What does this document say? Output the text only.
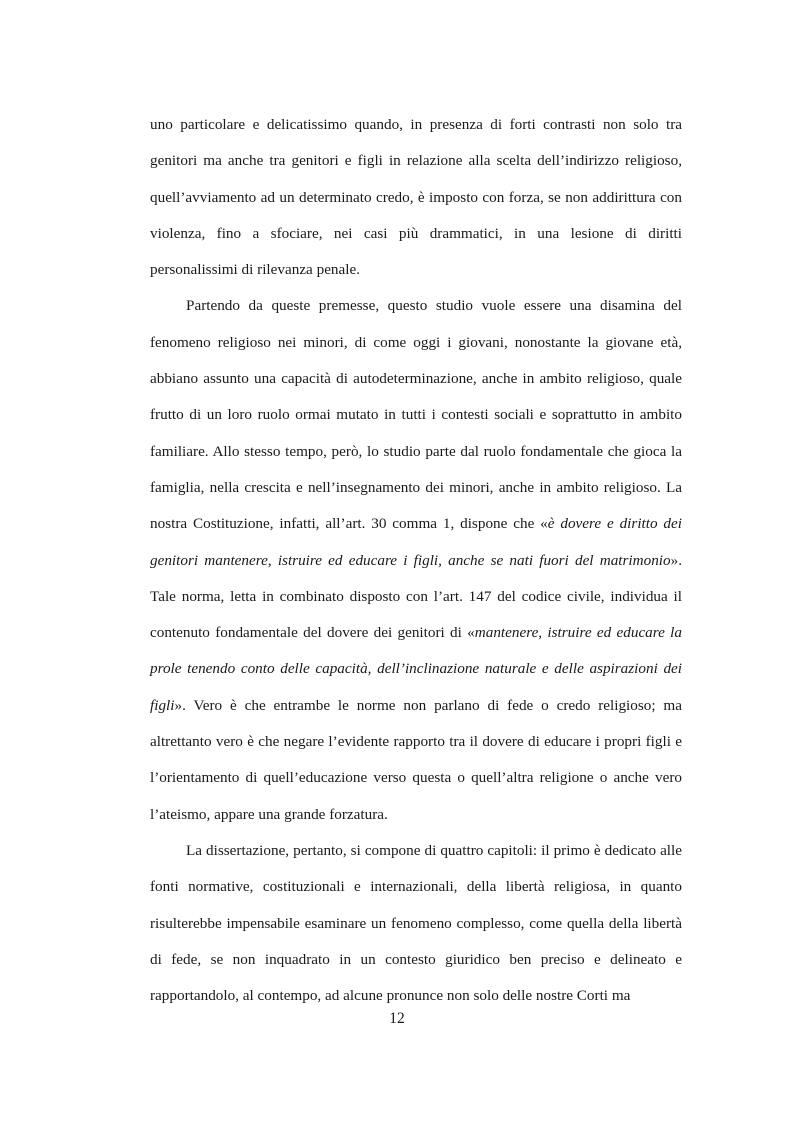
uno particolare e delicatissimo quando, in presenza di forti contrasti non solo tra genitori ma anche tra genitori e figli in relazione alla scelta dell’indirizzo religioso, quell’avviamento ad un determinato credo, è imposto con forza, se non addirittura con violenza, fino a sfociare, nei casi più drammatici, in una lesione di diritti personalissimi di rilevanza penale.

Partendo da queste premesse, questo studio vuole essere una disamina del fenomeno religioso nei minori, di come oggi i giovani, nonostante la giovane età, abbiano assunto una capacità di autodeterminazione, anche in ambito religioso, quale frutto di un loro ruolo ormai mutato in tutti i contesti sociali e soprattutto in ambito familiare. Allo stesso tempo, però, lo studio parte dal ruolo fondamentale che gioca la famiglia, nella crescita e nell’insegnamento dei minori, anche in ambito religioso. La nostra Costituzione, infatti, all’art. 30 comma 1, dispone che «è dovere e diritto dei genitori mantenere, istruire ed educare i figli, anche se nati fuori del matrimonio». Tale norma, letta in combinato disposto con l’art. 147 del codice civile, individua il contenuto fondamentale del dovere dei genitori di «mantenere, istruire ed educare la prole tenendo conto delle capacità, dell’inclinazione naturale e delle aspirazioni dei figli». Vero è che entrambe le norme non parlano di fede o credo religioso; ma altrettanto vero è che negare l’evidente rapporto tra il dovere di educare i propri figli e l’orientamento di quell’educazione verso questa o quell’altra religione o anche vero l’ateismo, appare una grande forzatura.

La dissertazione, pertanto, si compone di quattro capitoli: il primo è dedicato alle fonti normative, costituzionali e internazionali, della libertà religiosa, in quanto risulterebbe impensabile esaminare un fenomeno complesso, come quella della libertà di fede, se non inquadrato in un contesto giuridico ben preciso e delineato e rapportandolo, al contempo, ad alcune pronunce non solo delle nostre Corti ma

12
